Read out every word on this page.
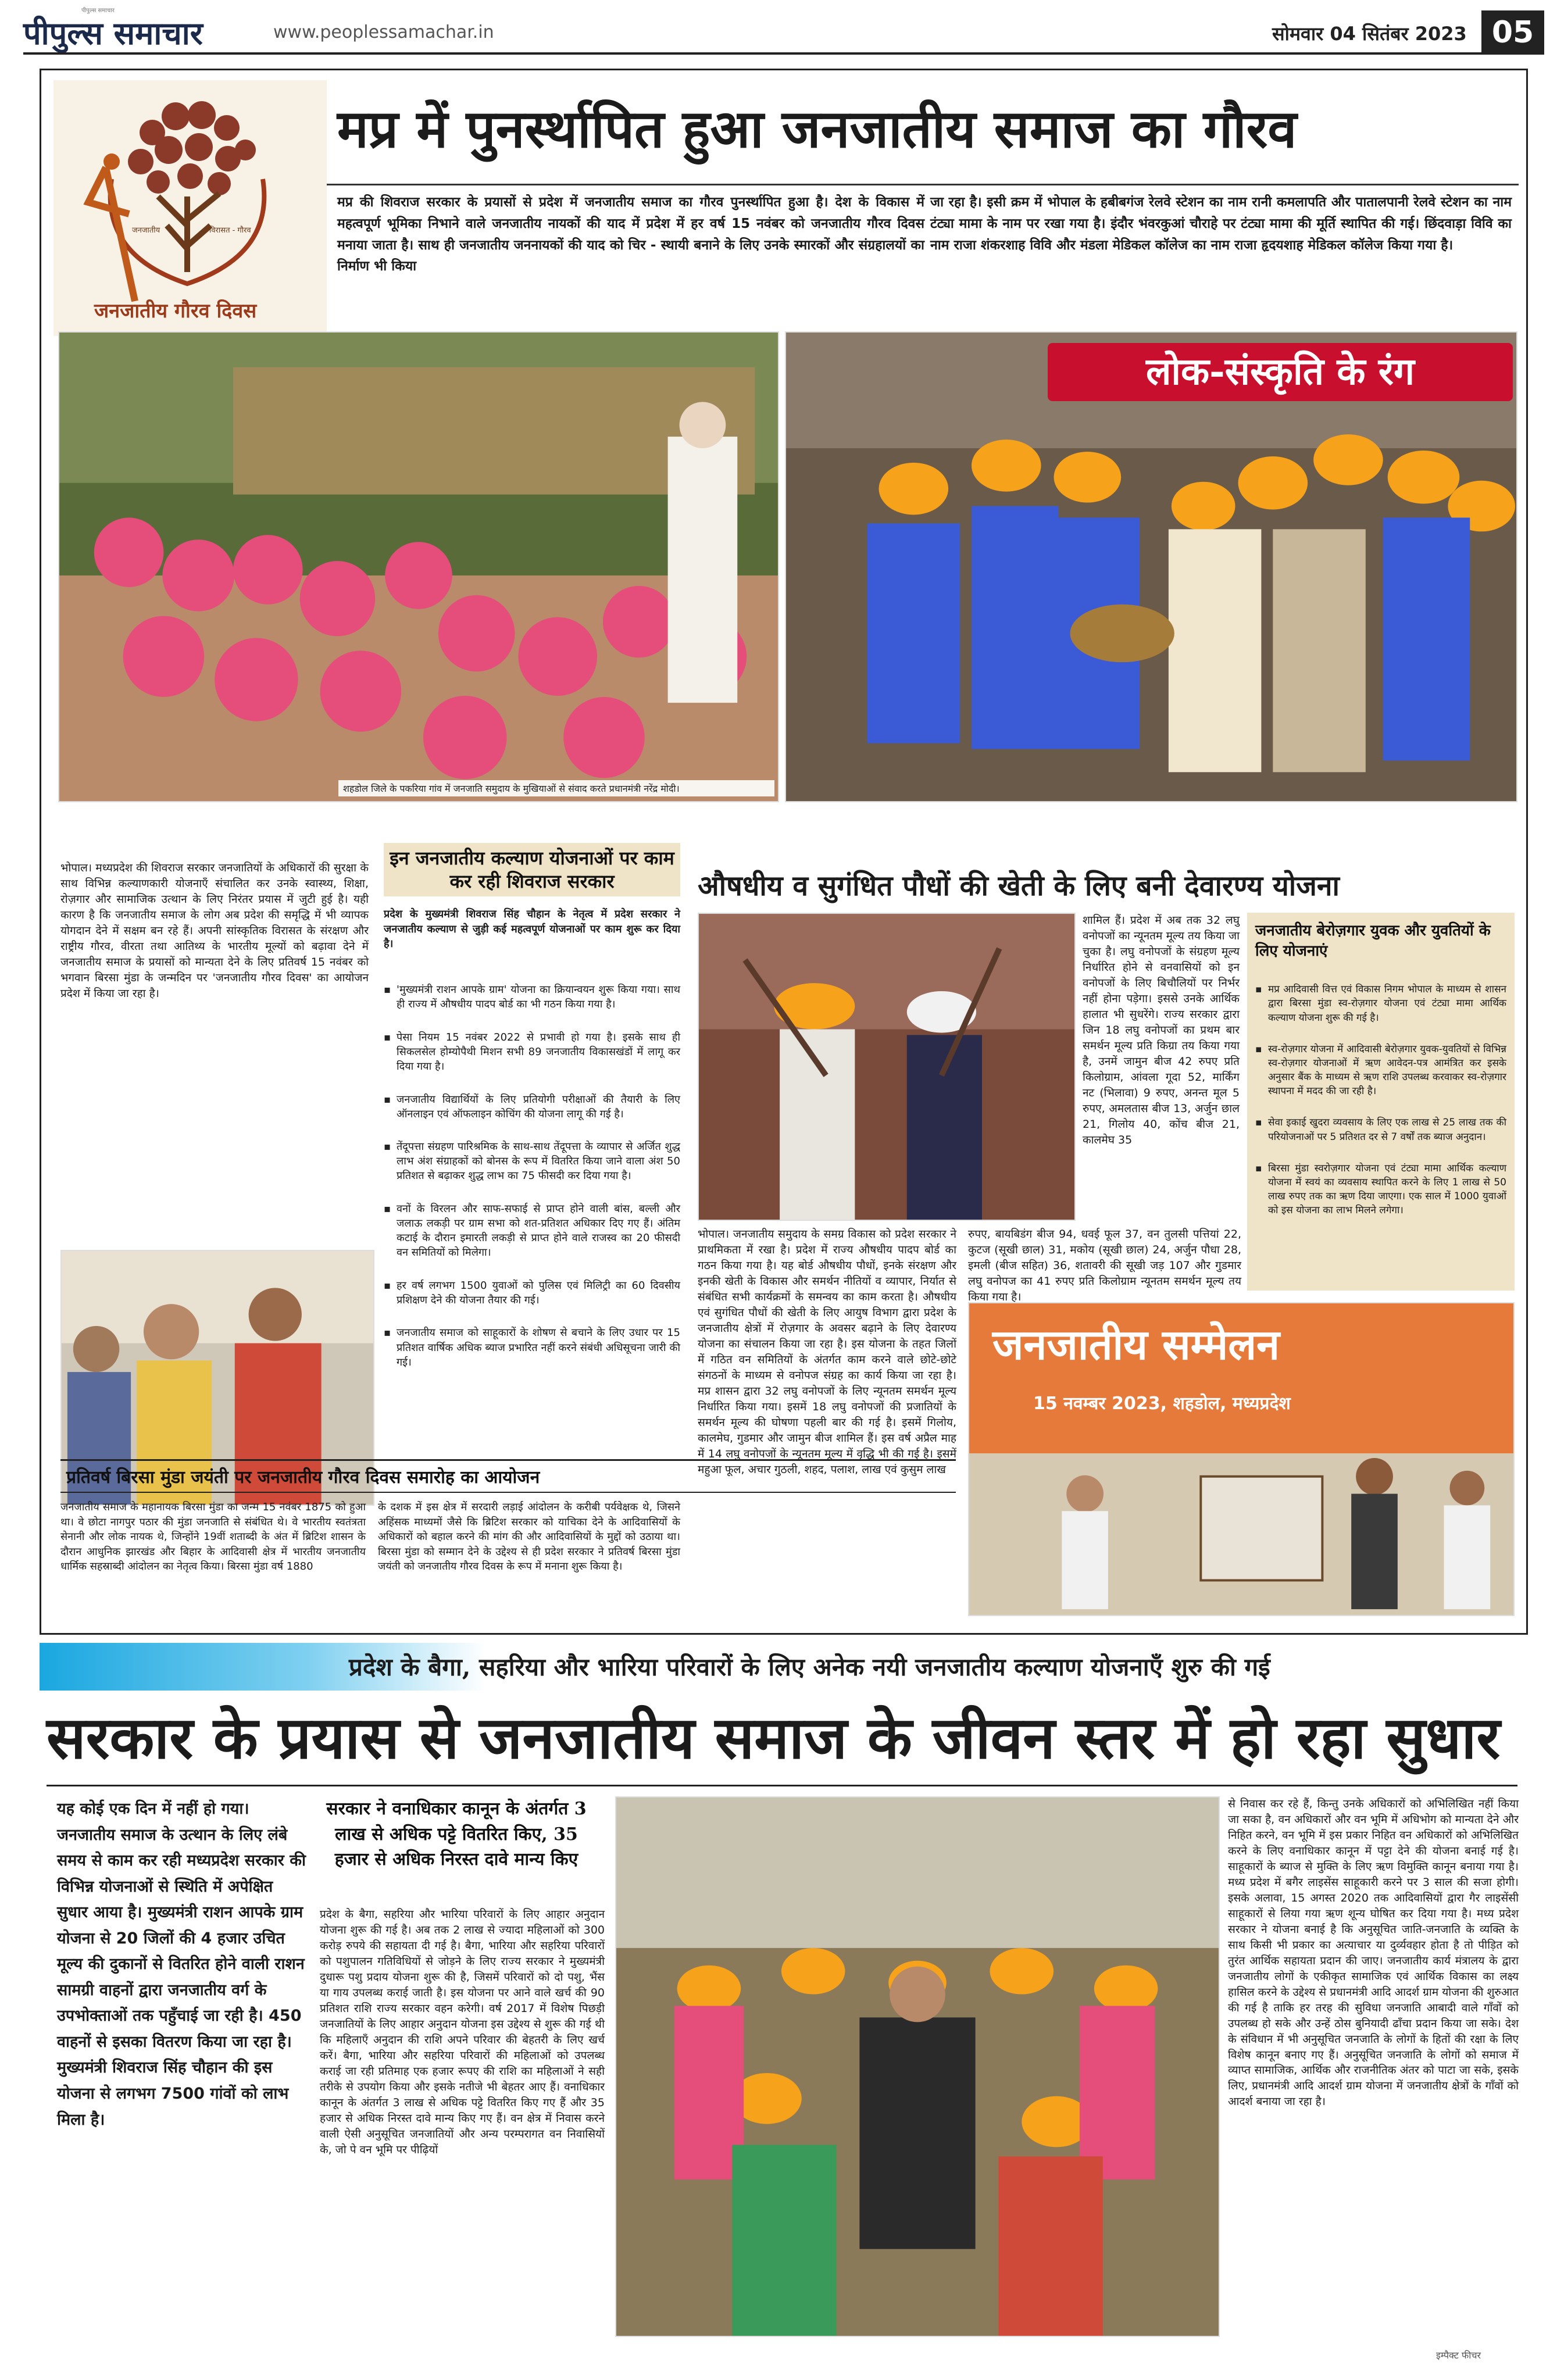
पीपुल्स समाचार
पीपुल्स समाचार	www.peoplessamachar.in	सोमवार 04 सितंबर 2023 05
जनजातीय	विरासत - गौरव
जनजातीय गौरव दिवस
मप्र में पुनर्स्थापित हुआ जनजातीय समाज का गौरव
मप्र की शिवराज सरकार के प्रयासों से प्रदेश में जनजातीय समाज का गौरव पुनर्स्थापित हुआ है। देश के विकास में महत्वपूर्ण भूमिका निभाने वाले जनजातीय नायकों की याद में प्रदेश में हर वर्ष 15 नवंबर को जनजातीय गौरव दिवस मनाया जाता है। साथ ही जनजातीय जननायकों की याद को चिर - स्थायी बनाने के लिए उनके स्मारकों और संग्रहालयों का निर्माण भी किया
जा रहा है। इसी क्रम में भोपाल के हबीबगंज रेलवे स्टेशन का नाम रानी कमलापति और पातालपानी रेलवे स्टेशन का नाम टंट्या मामा के नाम पर रखा गया है। इंदौर भंवरकुआं चौराहे पर टंट्या मामा की मूर्ति स्थापित की गई। छिंदवाड़ा विवि का नाम राजा शंकरशाह विवि और मंडला मेडिकल कॉलेज का नाम राजा हृदयशाह मेडिकल कॉलेज किया गया है।
शहडोल जिले के पकरिया गांव में जनजाति समुदाय के मुखियाओं से संवाद करते प्रधानमंत्री नरेंद्र मोदी।
लोक-संस्कृति के रंग
भोपाल। मध्यप्रदेश की शिवराज सरकार जनजातियों के अधिकारों की सुरक्षा के साथ विभिन्न कल्याणकारी योजनाएँ संचालित कर उनके स्वास्थ्य, शिक्षा, रोज़गार और सामाजिक उत्थान के लिए निरंतर प्रयास में जुटी हुई है। यही कारण है कि जनजातीय समाज के लोग अब प्रदेश की समृद्धि में भी व्यापक योगदान देने में सक्षम बन रहे हैं। अपनी सांस्कृतिक विरासत के संरक्षण और राष्ट्रीय गौरव, वीरता तथा आतिथ्य के भारतीय मूल्यों को बढ़ावा देने में जनजातीय समाज के प्रयासों को मान्यता देने के लिए प्रतिवर्ष 15 नवंबर को भगवान बिरसा मुंडा के जन्मदिन पर 'जनजातीय गौरव दिवस' का आयोजन प्रदेश में किया जा रहा है।
इन जनजातीय कल्याण योजनाओं पर काम कर रही शिवराज सरकार
प्रदेश के मुख्यमंत्री शिवराज सिंह चौहान के नेतृत्व में प्रदेश सरकार ने जनजातीय कल्याण से जुड़ी कई महत्वपूर्ण योजनाओं पर काम शुरू कर दिया है।

▪ 'मुख्यमंत्री राशन आपके ग्राम' योजना का क्रियान्वयन शुरू किया गया। साथ ही राज्य में औषधीय पादप बोर्ड का भी गठन किया गया है।

▪ पेसा नियम 15 नवंबर 2022 से प्रभावी हो गया है। इसके साथ ही सिकलसेल होम्योपैथी मिशन सभी 89 जनजातीय विकासखंडों में लागू कर दिया गया है।

▪ जनजातीय विद्यार्थियों के लिए प्रतियोगी परीक्षाओं की तैयारी के लिए ऑनलाइन एवं ऑफलाइन कोचिंग की योजना लागू की गई है।

▪ तेंदूपत्ता संग्रहण पारिश्रमिक के साथ-साथ तेंदूपत्ता के व्यापार से अर्जित शुद्ध लाभ अंश संग्राहकों को बोनस के रूप में वितरित किया जाने वाला अंश 50 प्रतिशत से बढ़ाकर शुद्ध लाभ का 75 फीसदी कर दिया गया है।

▪ वनों के विरलन और साफ-सफाई से प्राप्त होने वाली बांस, बल्ली और जलाऊ लकड़ी पर ग्राम सभा को शत-प्रतिशत अधिकार दिए गए हैं। अंतिम कटाई के दौरान इमारती लकड़ी से प्राप्त होने वाले राजस्व का 20 फीसदी वन समितियों को मिलेगा।

▪ हर वर्ष लगभग 1500 युवाओं को पुलिस एवं मिलिट्री का 60 दिवसीय प्रशिक्षण देने की योजना तैयार की गई।

▪ जनजातीय समाज को साहूकारों के शोषण से बचाने के लिए उधार पर 15 प्रतिशत वार्षिक अधिक ब्याज प्रभारित नहीं करने संबंधी अधिसूचना जारी की गई।

औषधीय व सुगंधित पौधों की खेती के लिए बनी देवारण्य योजना
शामिल हैं। प्रदेश में अब तक 32 लघु वनोपजों का न्यूनतम मूल्य तय किया जा चुका है। लघु वनोपजों के संग्रहण मूल्य निर्धारित होने से वनवासियों को इन वनोपजों के लिए बिचौलियों पर निर्भर नहीं होना पड़ेगा। इससे उनके आर्थिक हालात भी सुधरेंगे। राज्य सरकार द्वारा जिन 18 लघु वनोपजों का प्रथम बार समर्थन मूल्य प्रति किग्रा तय किया गया है, उनमें जामुन बीज 42 रुपए प्रति किलोग्राम, आंवला गूदा 52, मार्किंग नट (भिलावा) 9 रुपए, अनन्त मूल 5 रुपए, अमलतास बीज 13, अर्जुन छाल 21, गिलोय 40, कोंच बीज 21, कालमेघ 35
भोपाल। जनजातीय समुदाय के समग्र विकास को प्रदेश सरकार ने प्राथमिकता में रखा है। प्रदेश में राज्य औषधीय पादप बोर्ड का गठन किया गया है। यह बोर्ड औषधीय पौधों, इनके संरक्षण और इनकी खेती के विकास और समर्थन नीतियों व व्यापार, निर्यात से संबंधित सभी कार्यक्रमों के समन्वय का काम करता है। औषधीय एवं सुगंधित पौधों की खेती के लिए आयुष विभाग द्वारा प्रदेश के जनजातीय क्षेत्रों में रोज़गार के अवसर बढ़ाने के लिए देवारण्य योजना का संचालन किया जा रहा है। इस योजना के तहत जिलों में गठित वन समितियों के अंतर्गत काम करने वाले छोटे-छोटे संगठनों के माध्यम से वनोपज संग्रह का कार्य किया जा रहा है। मप्र शासन द्वारा 32 लघु वनोपजों के लिए न्यूनतम समर्थन मूल्य निर्धारित किया गया। इसमें 18 लघु वनोपजों की प्रजातियों के समर्थन मूल्य की घोषणा पहली बार की गई है। इसमें गिलोय, कालमेघ, गुडमार और जामुन बीज शामिल हैं। इस वर्ष अप्रैल माह में 14 लघु वनोपजों के न्यूनतम मूल्य में वृद्धि भी की गई है। इसमें महुआ फूल, अचार गुठली, शहद, पलाश, लाख एवं कुसुम लाख
रुपए, बायबिडंग बीज 94, धवई फूल 37, वन तुलसी पत्तियां 22, कुटज (सूखी छाल) 31, मकोय (सूखी छाल) 24, अर्जुन पौधा 28, इमली (बीज सहित) 36, शतावरी की सूखी जड़ 107 और गुडमार लघु वनोपज का 41 रुपए प्रति किलोग्राम न्यूनतम समर्थन मूल्य तय किया गया है।
जनजातीय बेरोज़गार युवक और युवतियों के लिए योजनाएं

▪ मप्र आदिवासी वित्त एवं विकास निगम भोपाल के माध्यम से शासन द्वारा बिरसा मुंडा स्व-रोज़गार योजना एवं टंट्या मामा आर्थिक कल्याण योजना शुरू की गई है।

▪ स्व-रोज़गार योजना में आदिवासी बेरोज़गार युवक-युवतियों से विभिन्न स्व-रोज़गार योजनाओं में ऋण आवेदन-पत्र आमंत्रित कर इसके अनुसार बैंक के माध्यम से ऋण राशि उपलब्ध करवाकर स्व-रोज़गार स्थापना में मदद की जा रही है।

▪ सेवा इकाई खुदरा व्यवसाय के लिए एक लाख से 25 लाख तक की परियोजनाओं पर 5 प्रतिशत दर से 7 वर्षों तक ब्याज अनुदान।

▪ बिरसा मुंडा स्वरोज़गार योजना एवं टंट्या मामा आर्थिक कल्याण योजना में स्वयं का व्यवसाय स्थापित करने के लिए 1 लाख से 50 लाख रुपए तक का ऋण दिया जाएगा। एक साल में 1000 युवाओं को इस योजना का लाभ मिलने लगेगा।

जनजातीय सम्मेलन
15 नवम्बर 2023, शहडोल, मध्यप्रदेश
प्रतिवर्ष बिरसा मुंडा जयंती पर जनजातीय गौरव दिवस समारोह का आयोजन
जनजातीय समाज के महानायक बिरसा मुंडा का जन्म 15 नवंबर 1875 को हुआ था। वे छोटा नागपुर पठार की मुंडा जनजाति से संबंधित थे। वे भारतीय स्वतंत्रता सेनानी और लोक नायक थे, जिन्होंने 19वीं शताब्दी के अंत में ब्रिटिश शासन के दौरान आधुनिक झारखंड और बिहार के आदिवासी क्षेत्र में भारतीय जनजातीय धार्मिक सहस्राब्दी आंदोलन का नेतृत्व किया। बिरसा मुंडा वर्ष 1880
के दशक में इस क्षेत्र में सरदारी लड़ाई आंदोलन के करीबी पर्यवेक्षक थे, जिसने अहिंसक माध्यमों जैसे कि ब्रिटिश सरकार को याचिका देने के आदिवासियों के अधिकारों को बहाल करने की मांग की और आदिवासियों के मुद्दों को उठाया था। बिरसा मुंडा को सम्मान देने के उद्देश्य से ही प्रदेश सरकार ने प्रतिवर्ष बिरसा मुंडा जयंती को जनजातीय गौरव दिवस के रूप में मनाना शुरू किया है।
प्रदेश के बैगा, सहरिया और भारिया परिवारों के लिए अनेक नयी जनजातीय कल्याण योजनाएँ शुरु की गई
सरकार के प्रयास से जनजातीय समाज के जीवन स्तर में हो रहा सुधार
यह कोई एक दिन में नहीं हो गया। जनजातीय समाज के उत्थान के लिए लंबे समय से काम कर रही मध्यप्रदेश सरकार की विभिन्न योजनाओं से स्थिति में अपेक्षित सुधार आया है। मुख्यमंत्री राशन आपके ग्राम योजना से 20 जिलों की 4 हजार उचित मूल्य की दुकानों से वितरित होने वाली राशन सामग्री वाहनों द्वारा जनजातीय वर्ग के उपभोक्ताओं तक पहुँचाई जा रही है। 450 वाहनों से इसका वितरण किया जा रहा है। मुख्यमंत्री शिवराज सिंह चौहान की इस योजना से लगभग 7500 गांवों को लाभ मिला है।
सरकार ने वनाधिकार कानून के अंतर्गत 3 लाख से अधिक पट्टे वितरित किए, 35 हजार से अधिक निरस्त दावे मान्य किए
प्रदेश के बैगा, सहरिया और भारिया परिवारों के लिए आहार अनुदान योजना शुरू की गई है। अब तक 2 लाख से ज्यादा महिलाओं को 300 करोड़ रुपये की सहायता दी गई है। बैगा, भारिया और सहरिया परिवारों को पशुपालन गतिविधियों से जोड़ने के लिए राज्य सरकार ने मुख्यमंत्री दुधारू पशु प्रदाय योजना शुरू की है, जिसमें परिवारों को दो पशु, भैंस या गाय उपलब्ध कराई जाती है। इस योजना पर आने वाले खर्च की 90 प्रतिशत राशि राज्य सरकार वहन करेगी। वर्ष 2017 में विशेष पिछड़ी जनजातियों के लिए आहार अनुदान योजना इस उद्देश्य से शुरू की गई थी कि महिलाएँ अनुदान की राशि अपने परिवार की बेहतरी के लिए खर्च करें। बैगा, भारिया और सहरिया परिवारों की महिलाओं को उपलब्ध कराई जा रही प्रतिमाह एक हजार रूपए की राशि का महिलाओं ने सही तरीके से उपयोग किया और इसके नतीजे भी बेहतर आए हैं। वनाधिकार कानून के अंतर्गत 3 लाख से अधिक पट्टे वितरित किए गए हैं और 35 हजार से अधिक निरस्त दावे मान्य किए गए हैं। वन क्षेत्र में निवास करने वाली ऐसी अनुसूचित जनजातियों और अन्य परम्परागत वन निवासियों के, जो पे वन भूमि पर पीढ़ियों
से निवास कर रहे हैं, किन्तु उनके अधिकारों को अभिलिखित नहीं किया जा सका है, वन अधिकारों और वन भूमि में अधिभोग को मान्यता देने और निहित करने, वन भूमि में इस प्रकार निहित वन अधिकारों को अभिलिखित करने के लिए वनाधिकार कानून में पट्टा देने की योजना बनाई गई है। साहूकारों के ब्याज से मुक्ति के लिए ऋण विमुक्ति कानून बनाया गया है। मध्य प्रदेश में बगैर लाइसेंस साहूकारी करने पर 3 साल की सजा होगी। इसके अलावा, 15 अगस्त 2020 तक आदिवासियों द्वारा गैर लाइसेंसी साहूकारों से लिया गया ऋण शून्य घोषित कर दिया गया है। मध्य प्रदेश सरकार ने योजना बनाई है कि अनुसूचित जाति-जनजाति के व्यक्ति के साथ किसी भी प्रकार का अत्याचार या दुर्व्यवहार होता है तो पीड़ित को तुरंत आर्थिक सहायता प्रदान की जाए। जनजातीय कार्य मंत्रालय के द्वारा जनजातीय लोगों के एकीकृत सामाजिक एवं आर्थिक विकास का लक्ष्य हासिल करने के उद्देश्य से प्रधानमंत्री आदि आदर्श ग्राम योजना की शुरुआत की गई है ताकि हर तरह की सुविधा जनजाति आबादी वाले गाँवों को उपलब्ध हो सके और उन्हें ठोस बुनियादी ढाँचा प्रदान किया जा सके। देश के संविधान में भी अनुसूचित जनजाति के लोगों के हितों की रक्षा के लिए विशेष कानून बनाए गए हैं। अनुसूचित जनजाति के लोगों को समाज में व्याप्त सामाजिक, आर्थिक और राजनीतिक अंतर को पाटा जा सके, इसके लिए, प्रधानमंत्री आदि आदर्श ग्राम योजना में जनजातीय क्षेत्रों के गाँवों को आदर्श बनाया जा रहा है।
इम्पैक्ट फीचर
